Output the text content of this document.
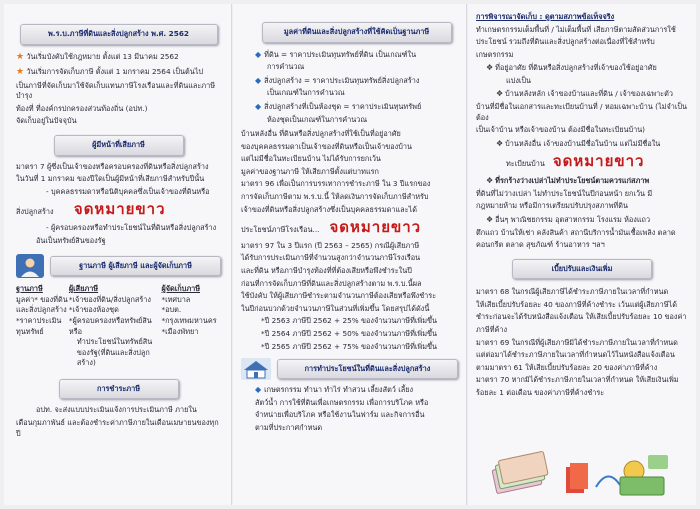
พ.ร.บ.ภาษีที่ดินและสิ่งปลูกสร้าง พ.ศ. 2562
★ วันเริ่มบังคับใช้กฎหมาย ตั้งแต่ 13 มีนาคม 2562
★ วันเริ่มการจัดเก็บภาษี ตั้งแต่ 1 มกราคม 2564 เป็นต้นไป
เป็นภาษีที่จัดเก็บมาใช้จัดเก็บแทนภาษีโรงเรือนและที่ดินและภาษีบำรุง
ท้องที่ ที่องค์กรปกครองส่วนท้องถิ่น (อปท.)
จัดเก็บอยู่ในปัจจุบัน
ผู้มีหน้าที่เสียภาษี
มาตรา 7 ผู้ซึ่งเป็นเจ้าของหรือครอบครองที่ดินหรือสิ่งปลูกสร้าง
ในวันที่ 1 มกราคม ของปีใดเป็นผู้มีหน้าที่เสียภาษีสำหรับปีนั้น
- บุคคลธรรมดาหรือนิติบุคคลซึ่งเป็นเจ้าของที่ดินหรือ
สิ่งปลูกสร้าง จดหมายขาว
- ผู้ครอบครองหรือทำประโยชน์ในที่ดินหรือสิ่งปลูกสร้าง
อันเป็นทรัพย์สินของรัฐ
ฐานภาษี ผู้เสียภาษี และผู้จัดเก็บภาษี
ฐานภาษี
มูลค่า* ของที่ดิน
และสิ่งปลูกสร้าง
*ราคาประเมิน
ทุนทรัพย์
ผู้เสียภาษี
*เจ้าของที่ดิน/สิ่งปลูกสร้าง
*เจ้าของห้องชุด
*ผู้ครอบครองหรือทรัพย์สินหรือ
ทำประโยชน์ในทรัพย์สิน
ของรัฐ(ที่ดินและสิ่งปลูกสร้าง)
ผู้จัดเก็บภาษี
*เทศบาล
*อบต.
*กรุงเทพมหานคร
*เมืองพัทยา
การชำระภาษี
อปท. จะส่งแบบประเมินแจ้งการประเมินภาษี ภายใน
เดือนกุมภาพันธ์ และต้องชำระค่าภาษีภายในเดือนเมษายนของทุกปี
มูลค่าที่ดินและสิ่งปลูกสร้างที่ใช้คิดเป็นฐานภาษี
◆ ที่ดิน = ราคาประเมินทุนทรัพย์ที่ดิน เป็นเกณฑ์ใน
การคำนวณ
◆ สิ่งปลูกสร้าง = ราคาประเมินทุนทรัพย์สิ่งปลูกสร้าง
เป็นเกณฑ์ในการคำนวณ
◆ สิ่งปลูกสร้างที่เป็นห้องชุด = ราคาประเมินทุนทรัพย์
ห้องชุดเป็นเกณฑ์ในการคำนวณ
บ้านหลังอื่น ที่ดินหรือสิ่งปลูกสร้างที่ใช้เป็นที่อยู่อาศัย
ของบุคคลธรรมดาเป็นเจ้าของที่ดินหรือเป็นเจ้าของบ้าน
แต่ไม่มีชื่อในทะเบียนบ้าน ไม่ได้รับการยกเว้น
มูลค่าของฐานภาษี ให้เสียภาษีตั้งแต่บาทแรก
มาตรา 96 เพื่อเป็นการบรรเทาการชำระภาษี ใน 3 ปีแรกของ
การจัดเก็บภาษีตาม พ.ร.บ.นี้ ให้ลดเงินการจัดเก็บภาษีสำหรับ
เจ้าของที่ดินหรือสิ่งปลูกสร้างซึ่งเป็นบุคคลธรรมดาและได้
ประโยชน์ภาษีโรงเรือน... จดหมายขาว
มาตรา 97 ใน 3 ปีแรก (ปี 2563 – 2565) กรณีผู้เสียภาษี
ได้รับการประเมินภาษีที่จำนวนสูงกว่าจำนวนภาษีโรงเรือน
และที่ดิน หรือภาษีบำรุงท้องที่ที่ต้องเสียหรือพึงชำระในปี
ก่อนที่การจัดเก็บภาษีที่ดินและสิ่งปลูกสร้างตาม พ.ร.บ.นี้ผล
ใช้บังคับ ให้ผู้เสียภาษีชำระตามจำนวนภาษีต้องเสียหรือพึงชำระ
ในปีก่อนบวกด้วยจำนวนภาษีในส่วนที่เพิ่มขึ้น โดยสรุปได้ดังนี้
*ปี 2563 ภาษีปี 2562 + 25% ของจำนวนภาษีที่เพิ่มขึ้น
*ปี 2564 ภาษีปี 2562 + 50% ของจำนวนภาษีที่เพิ่มขึ้น
*ปี 2565 ภาษีปี 2562 + 75% ของจำนวนภาษีที่เพิ่มขึ้น
การทำประโยชน์ในที่ดินและสิ่งปลูกสร้าง
◆ เกษตรกรรม ทำนา ทำไร่ ทำสวน เลี้ยงสัตว์ เลี้ยง
สัตว์น้ำ การใช้ที่ดินเพื่อเกษตรกรรม เพื่อการบริโภค หรือ
จำหน่ายเพื่อบริโภค หรือใช้งานในฟาร์ม และกิจการอื่น
ตามที่ประกาศกำหนด
การพิจารณาจัดเก็บ : ดูตามสภาพข้อเท็จจริง
ทำเกษตรกรรมเต็มพื้นที่ / ไม่เต็มพื้นที่ เสียภาษีตามสัดส่วนการใช้
ประโยชน์ รวมถึงที่ดินและสิ่งปลูกสร้างต่อเนื่องที่ใช้สำหรับ
เกษตรกรรม
❖ ที่อยู่อาศัย ที่ดินหรือสิ่งปลูกสร้างที่เจ้าของใช้อยู่อาศัย
แบ่งเป็น
❖ บ้านหลังหลัก เจ้าของบ้านและที่ดิน / เจ้าของเฉพาะตัว
บ้านที่มีชื่อในเอกสารและทะเบียนบ้านที่ / หอมเฉพาะบ้าน (ไม่จำเป็นต้อง
เป็นเจ้าบ้าน หรือเจ้าของบ้าน ต้องมีชื่อในทะเบียนบ้าน)
❖ บ้านหลังอื่น เจ้าของบ้านมีชื่อในบ้าน แต่ไม่มีชื่อใน
ทะเบียนบ้าน จดหมายขาว
❖ ที่รกร้างว่างเปล่าไม่ทำประโยชน์ตามควรแก่สภาพ
ที่ดินที่ไม่ว่างเปล่า ไม่ทำประโยชน์ในปีก่อนหน้า ยกเว้น มี
กฎหมายห้าม หรือมีการเตรียมปรับปรุงสภาพที่ดิน
❖ อื่นๆ พาณิชยกรรม อุตสาหกรรม โรงแรม ห้องแถว
ตึกแถว บ้านให้เช่า คลังสินค้า สถานีบริการน้ำมันเชื้อเพลิง ตลาด
คอนกรีต ตลาด สุขภัณฑ์ ร้านอาหาร ฯลฯ
เบี้ยปรับและเงินเพิ่ม
มาตรา 68 ในกรณีผู้เสียภาษีได้ชำระภาษีภายในเวลาที่กำหนด
ให้เสียเบี้ยปรับร้อยละ 40 ของภาษีที่ค้างชำระ เว้นแต่ผู้เสียภาษีได้
ชำระก่อนจะได้รับหนังสือแจ้งเตือน ให้เสียเบี้ยปรับร้อยละ 10 ของค่า
ภาษีที่ค้าง
มาตรา 69 ในกรณีที่ผู้เสียภาษีมิได้ชำระภาษีภายในเวลาที่กำหนด
แต่ต่อมาได้ชำระภาษีภายในเวลาที่กำหนดไว้ในหนังสือแจ้งเตือน
ตามมาตรา 61 ให้เสียเบี้ยปรับร้อยละ 20 ของค่าภาษีที่ค้าง
มาตรา 70 หากมิได้ชำระภาษีภายในเวลาที่กำหนด ให้เสียเงินเพิ่ม
ร้อยละ 1 ต่อเดือน ของค่าภาษีที่ค้างชำระ
